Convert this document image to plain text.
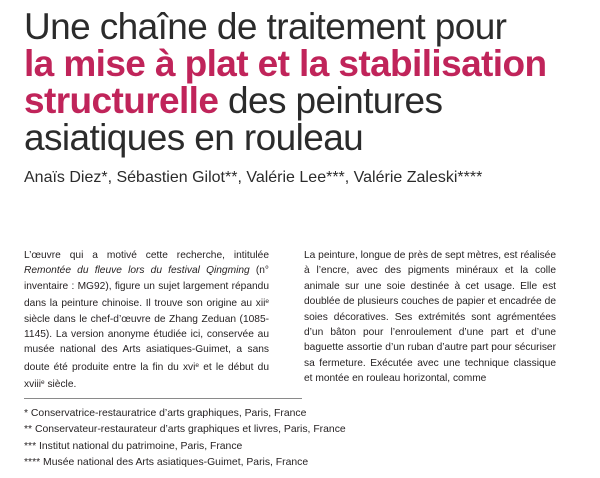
Une chaîne de traitement pour
la mise à plat et la stabilisation
structurelle des peintures
asiatiques en rouleau
Anaïs Diez*, Sébastien Gilot**, Valérie Lee***, Valérie Zaleski****

L’œuvre qui a motivé cette recherche, intitulée Remontée du fleuve lors du festival Qingming (n° inventaire : MG92), figure un sujet largement répandu dans la peinture chinoise. Il trouve son origine au xii$^e$ siècle dans le chef-d’œuvre de Zhang Zeduan (1085-1145). La version anonyme étudiée ici, conservée au musée national des Arts asiatiques-Guimet, a sans doute été produite entre la fin du xvi$^e$ et le début du xviii$^e$ siècle.

La peinture, longue de près de sept mètres, est réalisée à l’encre, avec des pigments minéraux et la colle animale sur une soie destinée à cet usage. Elle est doublée de plusieurs couches de papier et encadrée de soies décoratives. Ses extrémités sont agrémentées d’un bâton pour l’enroulement d’une part et d’une baguette assortie d’un ruban d’autre part pour sécuriser sa fermeture. Exécutée avec une technique classique et montée en rouleau horizontal, comme

* Conservatrice-restauratrice d’arts graphiques, Paris, France
** Conservateur-restaurateur d’arts graphiques et livres, Paris, France
*** Institut national du patrimoine, Paris, France
**** Musée national des Arts asiatiques-Guimet, Paris, France
